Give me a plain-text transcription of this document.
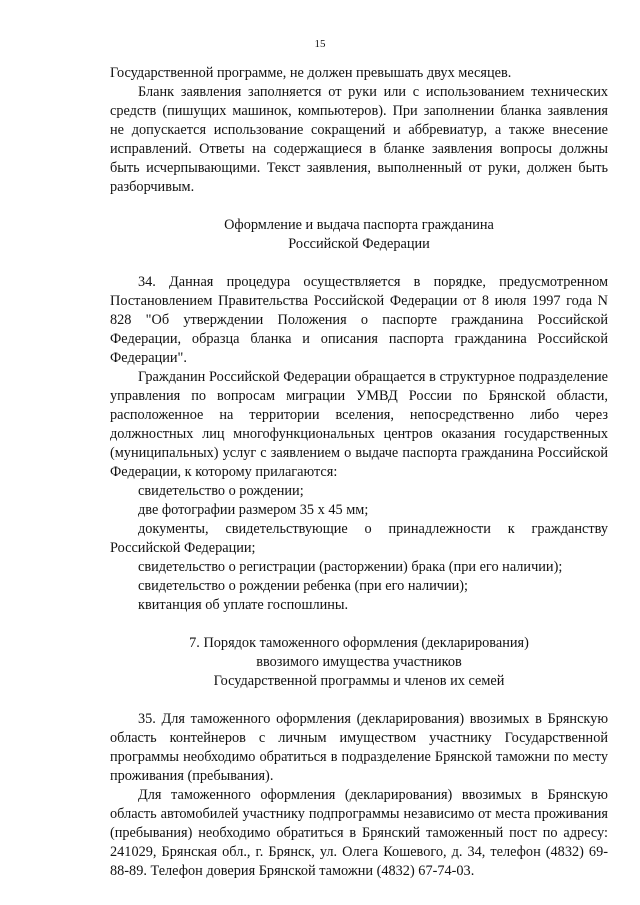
15

Государственной программе, не должен превышать двух месяцев.

Бланк заявления заполняется от руки или с использованием технических средств (пишущих машинок, компьютеров). При заполнении бланка заявления не допускается использование сокращений и аббревиатур, а также внесение исправлений. Ответы на содержащиеся в бланке заявления вопросы должны быть исчерпывающими. Текст заявления, выполненный от руки, должен быть разборчивым.

Оформление и выдача паспорта гражданина
Российской Федерации

34. Данная процедура осуществляется в порядке, предусмотренном Постановлением Правительства Российской Федерации от 8 июля 1997 года N 828 "Об утверждении Положения о паспорте гражданина Российской Федерации, образца бланка и описания паспорта гражданина Российской Федерации".

Гражданин Российской Федерации обращается в структурное подразделение управления по вопросам миграции УМВД России по Брянской области, расположенное на территории вселения, непосредственно либо через должностных лиц многофункциональных центров оказания государственных (муниципальных) услуг с заявлением о выдаче паспорта гражданина Российской Федерации, к которому прилагаются:

свидетельство о рождении;

две фотографии размером 35 х 45 мм;

документы, свидетельствующие о принадлежности к гражданству Российской Федерации;

свидетельство о регистрации (расторжении) брака (при его наличии);

свидетельство о рождении ребенка (при его наличии);

квитанция об уплате госпошлины.

7. Порядок таможенного оформления (декларирования)
ввозимого имущества участников
Государственной программы и членов их семей

35. Для таможенного оформления (декларирования) ввозимых в Брянскую область контейнеров с личным имуществом участнику Государственной программы необходимо обратиться в подразделение Брянской таможни по месту проживания (пребывания).

Для таможенного оформления (декларирования) ввозимых в Брянскую область автомобилей участнику подпрограммы независимо от места проживания (пребывания) необходимо обратиться в Брянский таможенный пост по адресу: 241029, Брянская обл., г. Брянск, ул. Олега Кошевого, д. 34, телефон (4832) 69-88-89. Телефон доверия Брянской таможни (4832) 67-74-03.
